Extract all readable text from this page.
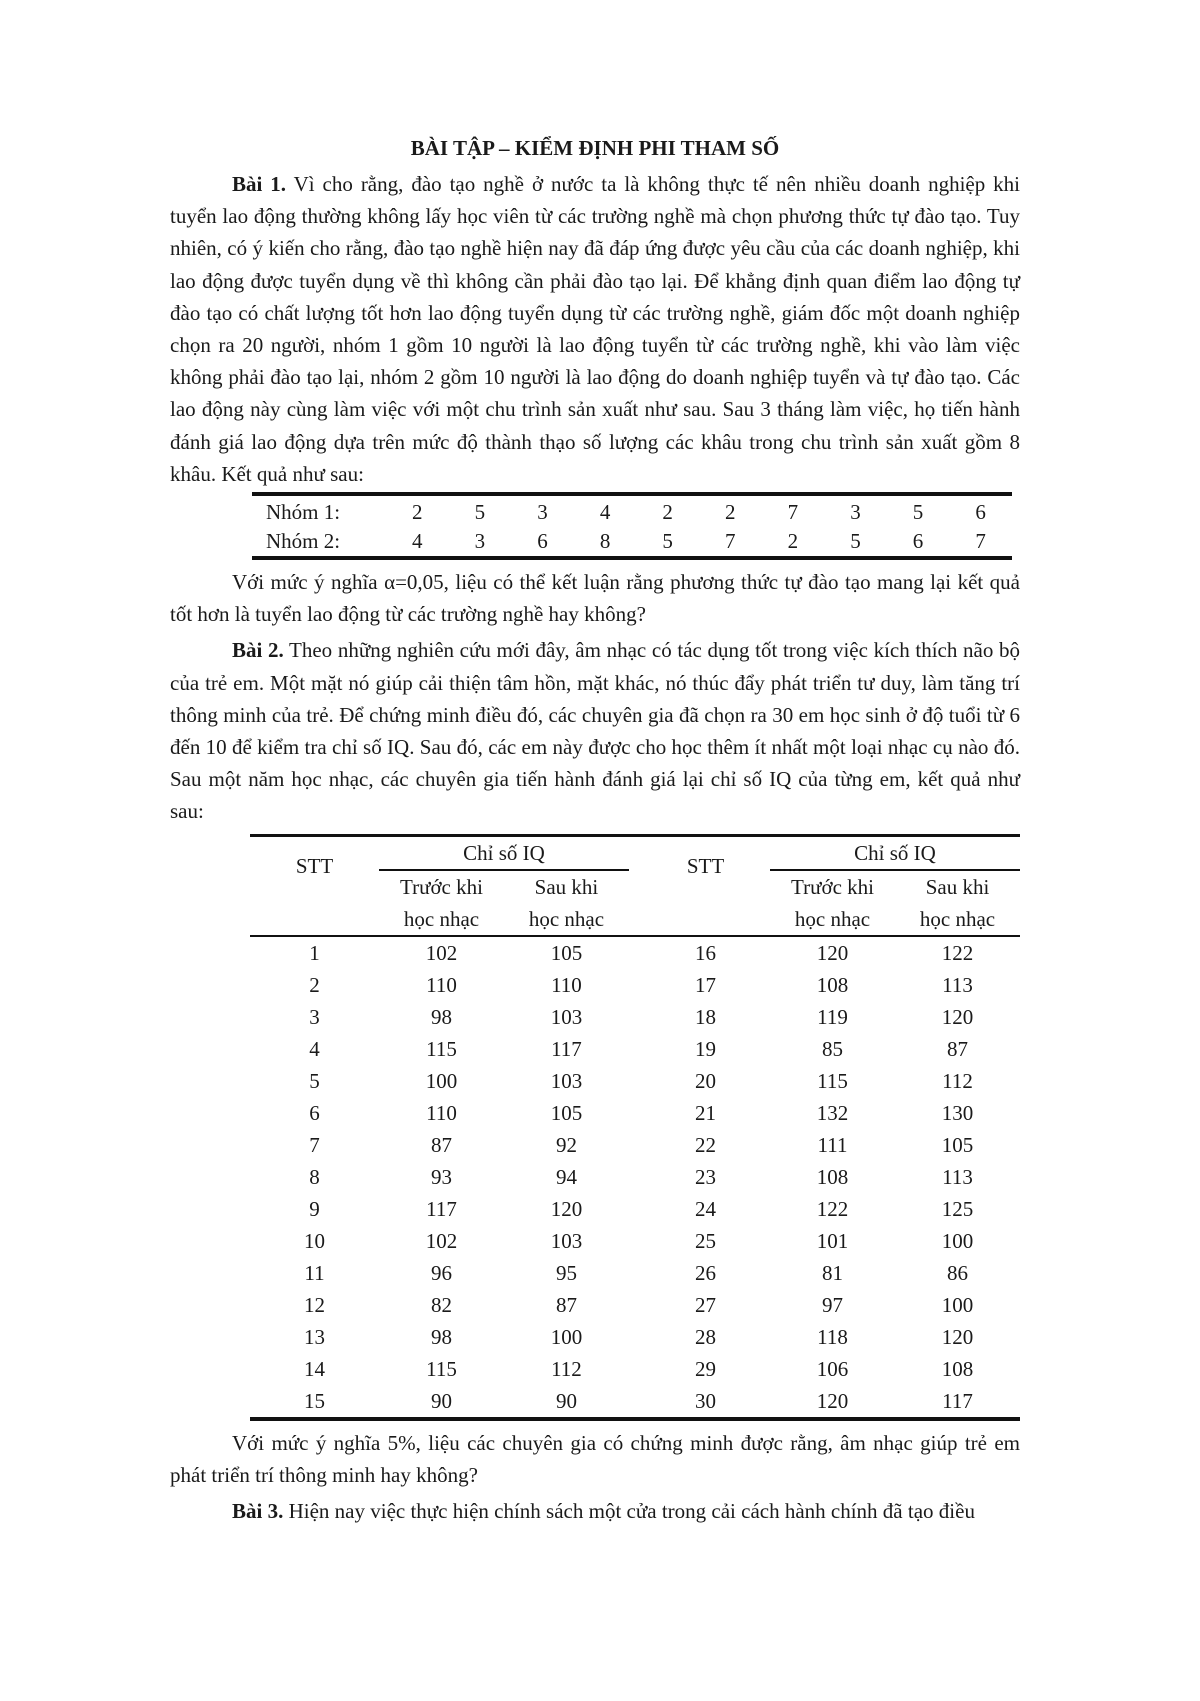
BÀI TẬP – KIỂM ĐỊNH PHI THAM SỐ

Bài 1. Vì cho rằng, đào tạo nghề ở nước ta là không thực tế nên nhiều doanh nghiệp khi tuyển lao động thường không lấy học viên từ các trường nghề mà chọn phương thức tự đào tạo. Tuy nhiên, có ý kiến cho rằng, đào tạo nghề hiện nay đã đáp ứng được yêu cầu của các doanh nghiệp, khi lao động được tuyển dụng về thì không cần phải đào tạo lại. Để khẳng định quan điểm lao động tự đào tạo có chất lượng tốt hơn lao động tuyển dụng từ các trường nghề, giám đốc một doanh nghiệp chọn ra 20 người, nhóm 1 gồm 10 người là lao động tuyển từ các trường nghề, khi vào làm việc không phải đào tạo lại, nhóm 2 gồm 10 người là lao động do doanh nghiệp tuyển và tự đào tạo. Các lao động này cùng làm việc với một chu trình sản xuất như sau. Sau 3 tháng làm việc, họ tiến hành đánh giá lao động dựa trên mức độ thành thạo số lượng các khâu trong chu trình sản xuất gồm 8 khâu. Kết quả như sau:

Nhóm 1:	2	5	3	4	2	2	7	3	5	6
Nhóm 2:	4	3	6	8	5	7	2	5	6	7

Với mức ý nghĩa α=0,05, liệu có thể kết luận rằng phương thức tự đào tạo mang lại kết quả tốt hơn là tuyển lao động từ các trường nghề hay không?

Bài 2. Theo những nghiên cứu mới đây, âm nhạc có tác dụng tốt trong việc kích thích não bộ của trẻ em. Một mặt nó giúp cải thiện tâm hồn, mặt khác, nó thúc đẩy phát triển tư duy, làm tăng trí thông minh của trẻ. Để chứng minh điều đó, các chuyên gia đã chọn ra 30 em học sinh ở độ tuổi từ 6 đến 10 để kiểm tra chỉ số IQ. Sau đó, các em này được cho học thêm ít nhất một loại nhạc cụ nào đó. Sau một năm học nhạc, các chuyên gia tiến hành đánh giá lại chỉ số IQ của từng em, kết quả như sau:

STT	Chỉ số IQ			STT	Chỉ số IQ	
	Trước khi	Sau khi			Trước khi	Sau khi
	học nhạc	học nhạc			học nhạc	học nhạc

1	102	105		16	120	122
2	110	110		17	108	113
3	98	103		18	119	120
4	115	117		19	85	87
5	100	103		20	115	112
6	110	105		21	132	130
7	87	92		22	111	105
8	93	94		23	108	113
9	117	120		24	122	125
10	102	103		25	101	100
11	96	95		26	81	86
12	82	87		27	97	100
13	98	100		28	118	120
14	115	112		29	106	108
15	90	90		30	120	117

Với mức ý nghĩa 5%, liệu các chuyên gia có chứng minh được rằng, âm nhạc giúp trẻ em phát triển trí thông minh hay không?

Bài 3. Hiện nay việc thực hiện chính sách một cửa trong cải cách hành chính đã tạo điều
